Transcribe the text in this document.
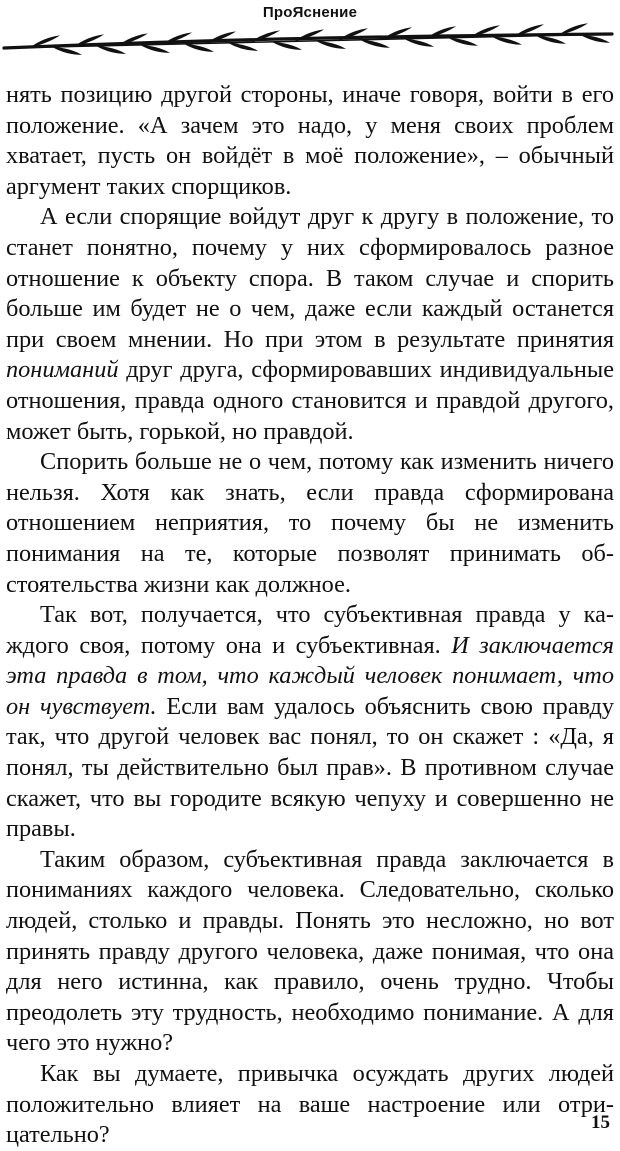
ПроЯснение

нять позицию другой стороны, иначе говоря, войти в его положение. «А зачем это надо, у меня своих проблем хватает, пусть он войдёт в моё положение», – обычный аргумент таких спорщиков.

А если спорящие войдут друг к другу в положение, то станет понятно, почему у них сформировалось разное отношение к объекту спора. В таком случае и спорить больше им будет не о чем, даже если каждый останется при своем мнении. Но при этом в результате принятия пониманий друг друга, сформировавших индивидуальные отношения, правда одного становится и правдой другого, может быть, горькой, но правдой.

Спорить больше не о чем, потому как изменить ничего нельзя. Хотя как знать, если правда сформирована отношением неприятия, то почему бы не изменить понимания на те, которые позволят принимать обстоятельства жизни как должное.

Так вот, получается, что субъективная правда у каждого своя, потому она и субъективная. И заключается эта правда в том, что каждый человек понимает, что он чувствует. Если вам удалось объяснить свою правду так, что другой человек вас понял, то он скажет : «Да, я понял, ты действительно был прав». В противном случае скажет, что вы городите всякую чепуху и совершенно не правы.

Таким образом, субъективная правда заключается в пониманиях каждого человека. Следовательно, сколько людей, столько и правды. Понять это несложно, но вот принять правду другого человека, даже понимая, что она для него истинна, как правило, очень трудно. Чтобы преодолеть эту трудность, необходимо понимание. А для чего это нужно?

Как вы думаете, привычка осуждать других людей положительно влияет на ваше настроение или отрицательно?	15
